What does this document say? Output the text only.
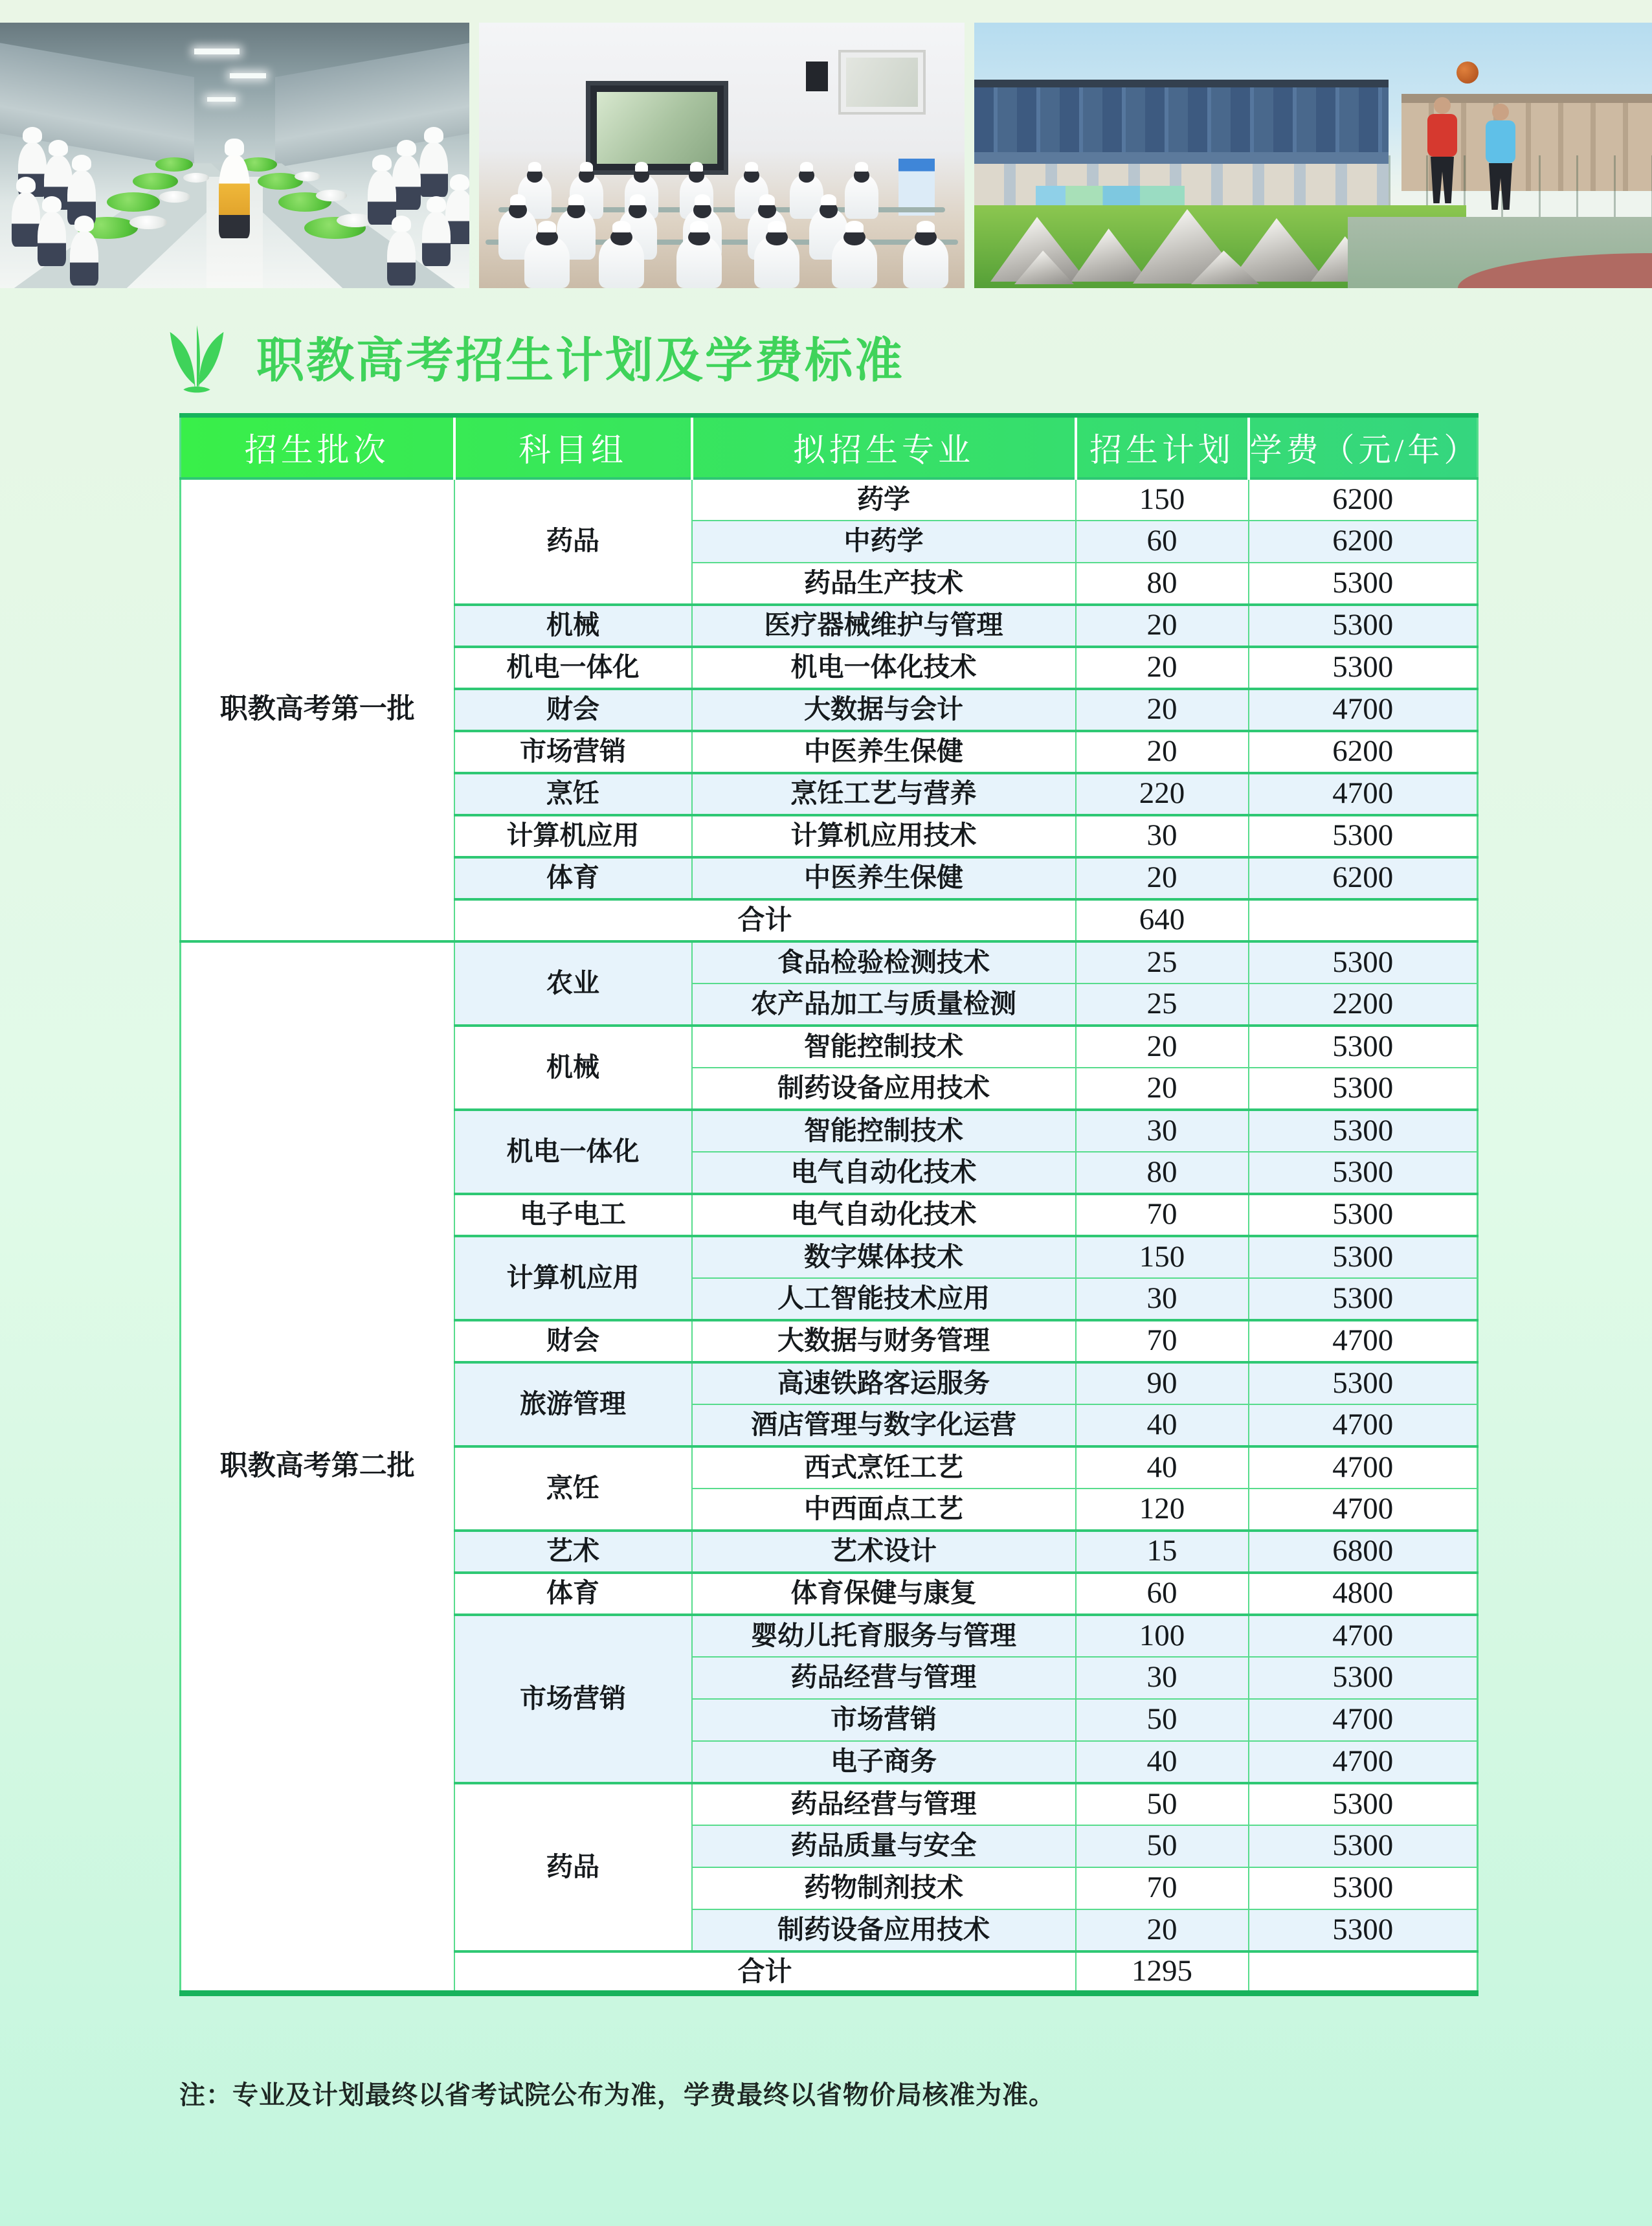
职教高考招生计划及学费标准
招生批次	科目组	拟招生专业	招生计划	学费（元/年）
职教高考第一批	药品	药学	150	6200
		中药学	60	6200
		药品生产技术	80	5300
	机械	医疗器械维护与管理	20	5300
	机电一体化	机电一体化技术	20	5300
	财会	大数据与会计	20	4700
	市场营销	中医养生保健	20	6200
	烹饪	烹饪工艺与营养	220	4700
	计算机应用	计算机应用技术	30	5300
	体育	中医养生保健	20	6200
	合计		640	
职教高考第二批	农业	食品检验检测技术	25	5300
		农产品加工与质量检测	25	2200
	机械	智能控制技术	20	5300
		制药设备应用技术	20	5300
	机电一体化	智能控制技术	30	5300
		电气自动化技术	80	5300
	电子电工	电气自动化技术	70	5300
	计算机应用	数字媒体技术	150	5300
		人工智能技术应用	30	5300
	财会	大数据与财务管理	70	4700
	旅游管理	高速铁路客运服务	90	5300
		酒店管理与数字化运营	40	4700
	烹饪	西式烹饪工艺	40	4700
		中西面点工艺	120	4700
	艺术	艺术设计	15	6800
	体育	体育保健与康复	60	4800
	市场营销	婴幼儿托育服务与管理	100	4700
		药品经营与管理	30	5300
		市场营销	50	4700
		电子商务	40	4700
	药品	药品经营与管理	50	5300
		药品质量与安全	50	5300
		药物制剂技术	70	5300
		制药设备应用技术	20	5300
	合计		1295	
注：专业及计划最终以省考试院公布为准，学费最终以省物价局核准为准。
